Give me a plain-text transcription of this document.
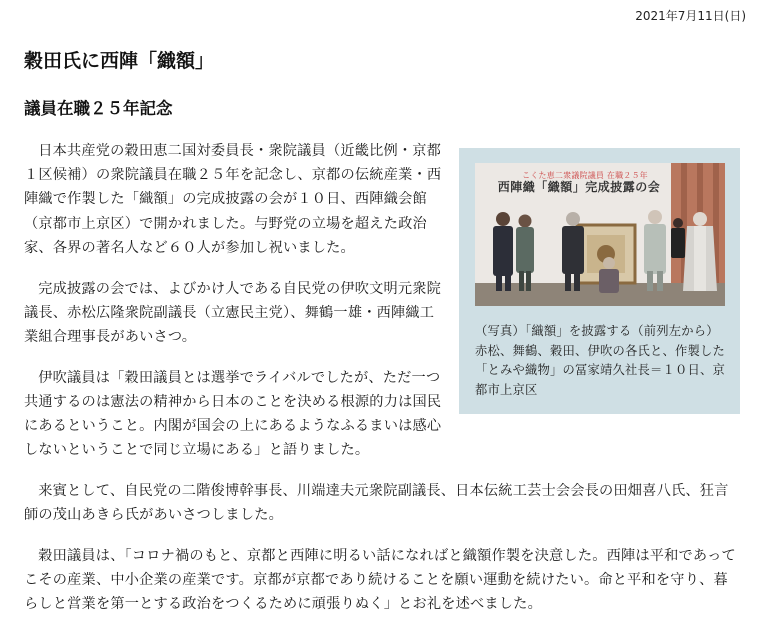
2021年7月11日(日)
穀田氏に西陣「織額」
議員在職２５年記念
こくた恵二衆議院議員 在職２５年
西陣織「織額」完成披露の会
（写真）「織額」を披露する（前列左から）赤松、舞鶴、穀田、伊吹の各氏と、作製した「とみや織物」の冨家靖久社長＝１０日、京都市上京区

日本共産党の穀田恵二国対委員長・衆院議員（近畿比例・京都１区候補）の衆院議員在職２５年を記念し、京都の伝統産業・西陣織で作製した「織額」の完成披露の会が１０日、西陣織会館（京都市上京区）で開かれました。与野党の立場を超えた政治家、各界の著名人など６０人が参加し祝いました。

完成披露の会では、よびかけ人である自民党の伊吹文明元衆院議長、赤松広隆衆院副議長（立憲民主党）、舞鶴一雄・西陣織工業組合理事長があいさつ。

伊吹議員は「穀田議員とは選挙でライバルでしたが、ただ一つ共通するのは憲法の精神から日本のことを決める根源的力は国民にあるということ。内閣が国会の上にあるようなふるまいは感心しないということで同じ立場にある」と語りました。

来賓として、自民党の二階俊博幹事長、川端達夫元衆院副議長、日本伝統工芸士会会長の田畑喜八氏、狂言師の茂山あきら氏があいさつしました。

穀田議員は、「コロナ禍のもと、京都と西陣に明るい話になればと織額作製を決意した。西陣は平和であってこその産業、中小企業の産業です。京都が京都であり続けることを願い運動を続けたい。命と平和を守り、暮らしと営業を第一とする政治をつくるために頑張りぬく」とお礼を述べました。
